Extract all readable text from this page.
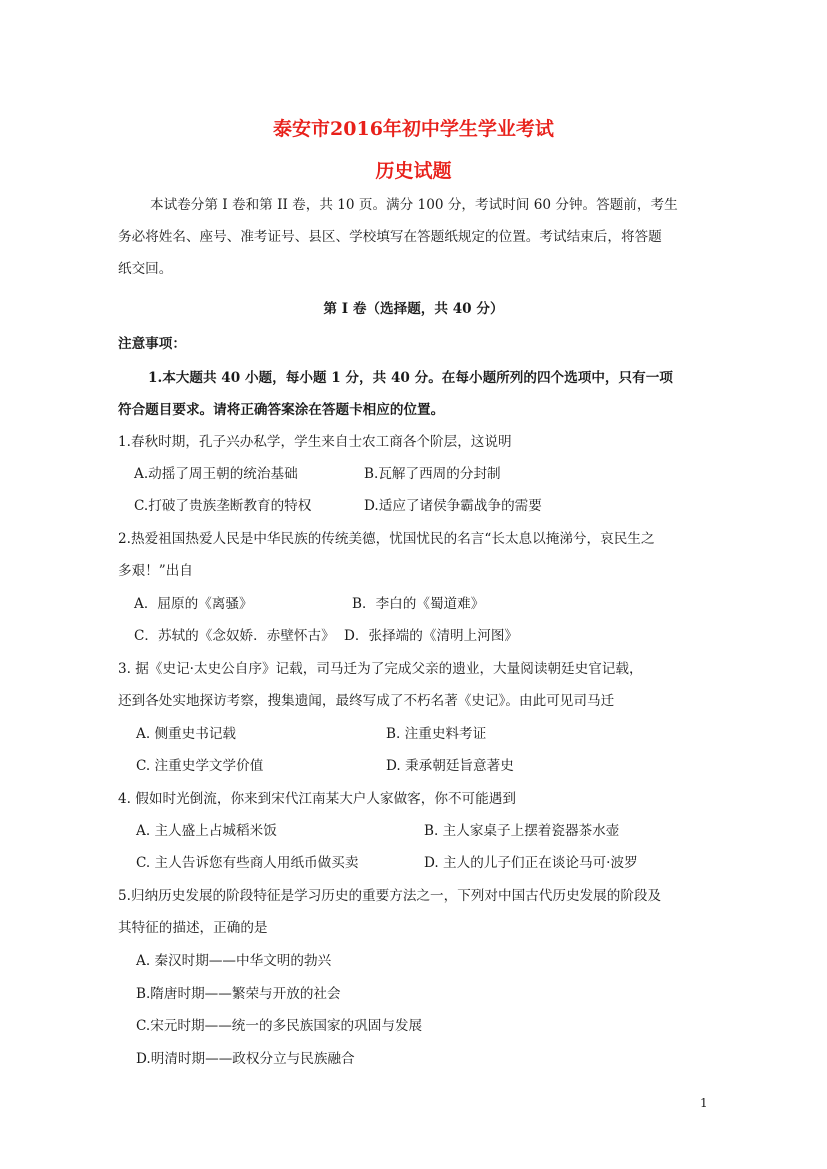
泰安市2016年初中学生学业考试
历史试题

本试卷分第 I 卷和第 II 卷，共 10 页。满分 100 分，考试时间 60 分钟。答题前，考生

务必将姓名、座号、准考证号、县区、学校填写在答题纸规定的位置。考试结束后，将答题

纸交回。

第 I 卷（选择题，共 40 分）

注意事项：

1.本大题共 40 小题，每小题 1 分，共 40 分。在每小题所列的四个选项中，只有一项

符合题目要求。请将正确答案涂在答题卡相应的位置。

1.春秋时期，孔子兴办私学，学生来自士农工商各个阶层，这说明

A.动摇了周王朝的统治基础	B.瓦解了西周的分封制

C.打破了贵族垄断教育的特权	D.适应了诸侯争霸战争的需要

2.热爱祖国热爱人民是中华民族的传统美德，忧国忧民的名言“长太息以掩涕兮，哀民生之

多艰！”出自

A．屈原的《离骚》	B．李白的《蜀道难》

C．苏轼的《念奴娇．赤壁怀古》 D．张择端的《清明上河图》

3. 据《史记·太史公自序》记载，司马迁为了完成父亲的遗业，大量阅读朝廷史官记载，

还到各处实地探访考察，搜集遗闻，最终写成了不朽名著《史记》。由此可见司马迁

A. 侧重史书记载	B. 注重史料考证

C. 注重史学文学价值	D. 秉承朝廷旨意著史

4. 假如时光倒流，你来到宋代江南某大户人家做客，你不可能遇到

A. 主人盛上占城稻米饭	B. 主人家桌子上摆着瓷器茶水壶

C. 主人告诉您有些商人用纸币做买卖	D. 主人的儿子们正在谈论马可·波罗

5.归纳历史发展的阶段特征是学习历史的重要方法之一，下列对中国古代历史发展的阶段及

其特征的描述，正确的是

A. 秦汉时期——中华文明的勃兴

B.隋唐时期——繁荣与开放的社会

C.宋元时期——统一的多民族国家的巩固与发展

D.明清时期——政权分立与民族融合

1
